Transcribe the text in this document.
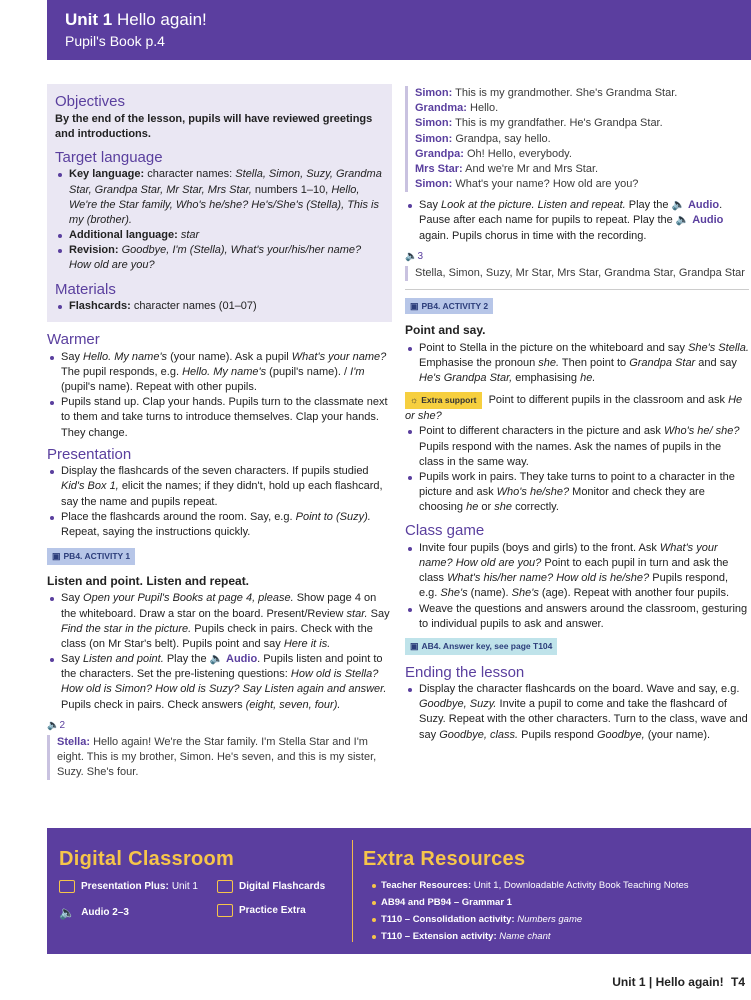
Unit 1 Hello again!
Pupil's Book p.4
Objectives

By the end of the lesson, pupils will have reviewed greetings and introductions.

Target language
Key language: character names: Stella, Simon, Suzy, Grandma Star, Grandpa Star, Mr Star, Mrs Star, numbers 1–10, Hello, We're the Star family, Who's he/she? He's/She's (Stella), This is my (brother).
Additional language: star
Revision: Goodbye, I'm (Stella), What's your/his/her name? How old are you?
Materials
Flashcards: character names (01–07)
Warmer
Say Hello. My name's (your name). Ask a pupil What's your name? The pupil responds, e.g. Hello. My name's (pupil's name). / I'm (pupil's name). Repeat with other pupils.
Pupils stand up. Clap your hands. Pupils turn to the classmate next to them and take turns to introduce themselves. Clap your hands. They change.
Presentation
Display the flashcards of the seven characters. If pupils studied Kid's Box 1, elicit the names; if they didn't, hold up each flashcard, say the name and pupils repeat.
Place the flashcards around the room. Say, e.g. Point to (Suzy). Repeat, saying the instructions quickly.
▣ PB4. ACTIVITY 1
Listen and point. Listen and repeat.
Say Open your Pupil's Books at page 4, please. Show page 4 on the whiteboard. Draw a star on the board. Present/Review star. Say Find the star in the picture. Pupils check in pairs. Check with the class (on Mr Star's belt). Pupils point and say Here it is.
Say Listen and point. Play the 🔈 Audio. Pupils listen and point to the characters. Set the pre-listening questions: How old is Stella? How old is Simon? How old is Suzy? Say Listen again and answer. Pupils check in pairs. Check answers (eight, seven, four).
🔈2
Stella: Hello again! We're the Star family. I'm Stella Star and I'm eight. This is my brother, Simon. He's seven, and this is my sister, Suzy. She's four.
Simon: This is my grandmother. She's Grandma Star.
Grandma: Hello.
Simon: This is my grandfather. He's Grandpa Star.
Simon: Grandpa, say hello.
Grandpa: Oh! Hello, everybody.
Mrs Star: And we're Mr and Mrs Star.
Simon: What's your name? How old are you?
Say Look at the picture. Listen and repeat. Play the 🔈 Audio. Pause after each name for pupils to repeat. Play the 🔈 Audio again. Pupils chorus in time with the recording.
🔈3
Stella, Simon, Suzy, Mr Star, Mrs Star, Grandma Star, Grandpa Star
▣ PB4. ACTIVITY 2
Point and say.
Point to Stella in the picture on the whiteboard and say She's Stella. Emphasise the pronoun she. Then point to Grandpa Star and say He's Grandpa Star, emphasising he.
☼ Extra support Point to different pupils in the classroom and ask He or she?
Point to different characters in the picture and ask Who's he/ she? Pupils respond with the names. Ask the names of pupils in the class in the same way.
Pupils work in pairs. They take turns to point to a character in the picture and ask Who's he/she? Monitor and check they are choosing he or she correctly.
Class game
Invite four pupils (boys and girls) to the front. Ask What's your name? How old are you? Point to each pupil in turn and ask the class What's his/her name? How old is he/she? Pupils respond, e.g. She's (name). She's (age). Repeat with another four pupils.
Weave the questions and answers around the classroom, gesturing to individual pupils to ask and answer.
▣ AB4. Answer key, see page T104
Ending the lesson
Display the character flashcards on the board. Wave and say, e.g. Goodbye, Suzy. Invite a pupil to come and take the flashcard of Suzy. Repeat with the other characters. Turn to the class, wave and say Goodbye, class. Pupils respond Goodbye, (your name).
Digital Classroom	Extra Resources
Presentation Plus: Unit 1	Digital Flashcards
🔈 Audio 2–3	Practice Extra
Teacher Resources: Unit 1, Downloadable Activity Book Teaching Notes
AB94 and PB94 – Grammar 1
T110 – Consolidation activity: Numbers game
T110 – Extension activity: Name chant
Unit 1 | Hello again! T4
